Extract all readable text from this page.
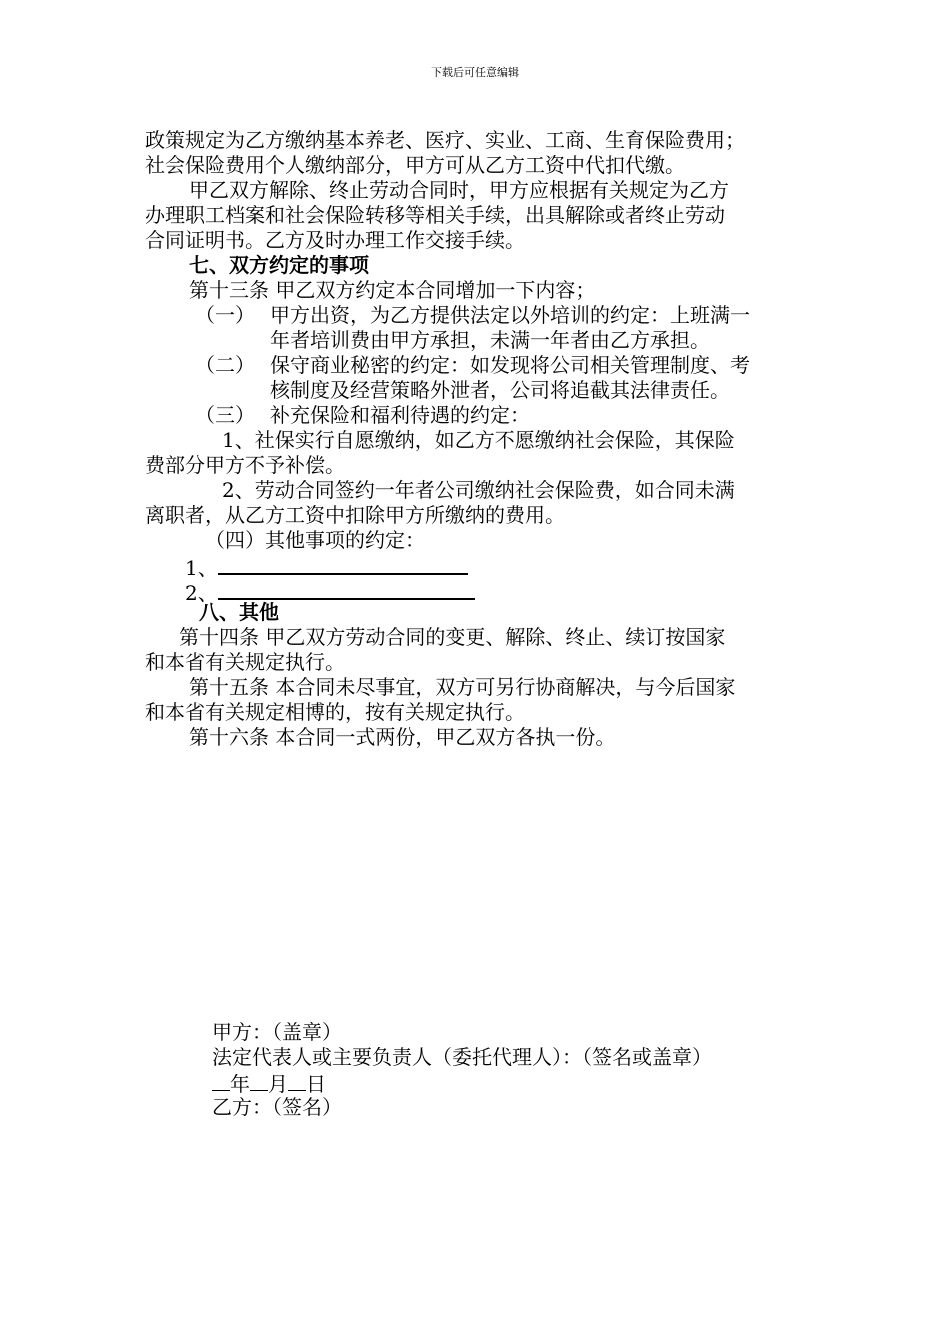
下载后可任意编辑
政策规定为乙方缴纳基本养老、医疗、实业、工商、生育保险费用；
社会保险费用个人缴纳部分，甲方可从乙方工资中代扣代缴。
甲乙双方解除、终止劳动合同时，甲方应根据有关规定为乙方
办理职工档案和社会保险转移等相关手续，出具解除或者终止劳动
合同证明书。乙方及时办理工作交接手续。
七、双方约定的事项
第十三条 甲乙双方约定本合同增加一下内容；
（一） 甲方出资，为乙方提供法定以外培训的约定：上班满一
年者培训费由甲方承担，未满一年者由乙方承担。
（二） 保守商业秘密的约定：如发现将公司相关管理制度、考
核制度及经营策略外泄者，公司将追截其法律责任。
（三） 补充保险和福利待遇的约定：
1、社保实行自愿缴纳，如乙方不愿缴纳社会保险，其保险
费部分甲方不予补偿。
2、劳动合同签约一年者公司缴纳社会保险费，如合同未满
离职者，从乙方工资中扣除甲方所缴纳的费用。
（四）其他事项的约定：
1、
2、
八、其他
第十四条 甲乙双方劳动合同的变更、解除、终止、续订按国家
和本省有关规定执行。
第十五条 本合同未尽事宜，双方可另行协商解决，与今后国家
和本省有关规定相博的，按有关规定执行。
第十六条 本合同一式两份，甲乙双方各执一份。
甲方：（盖章）
法定代表人或主要负责人（委托代理人）：（签名或盖章）
年 月 日
乙方：（签名）
